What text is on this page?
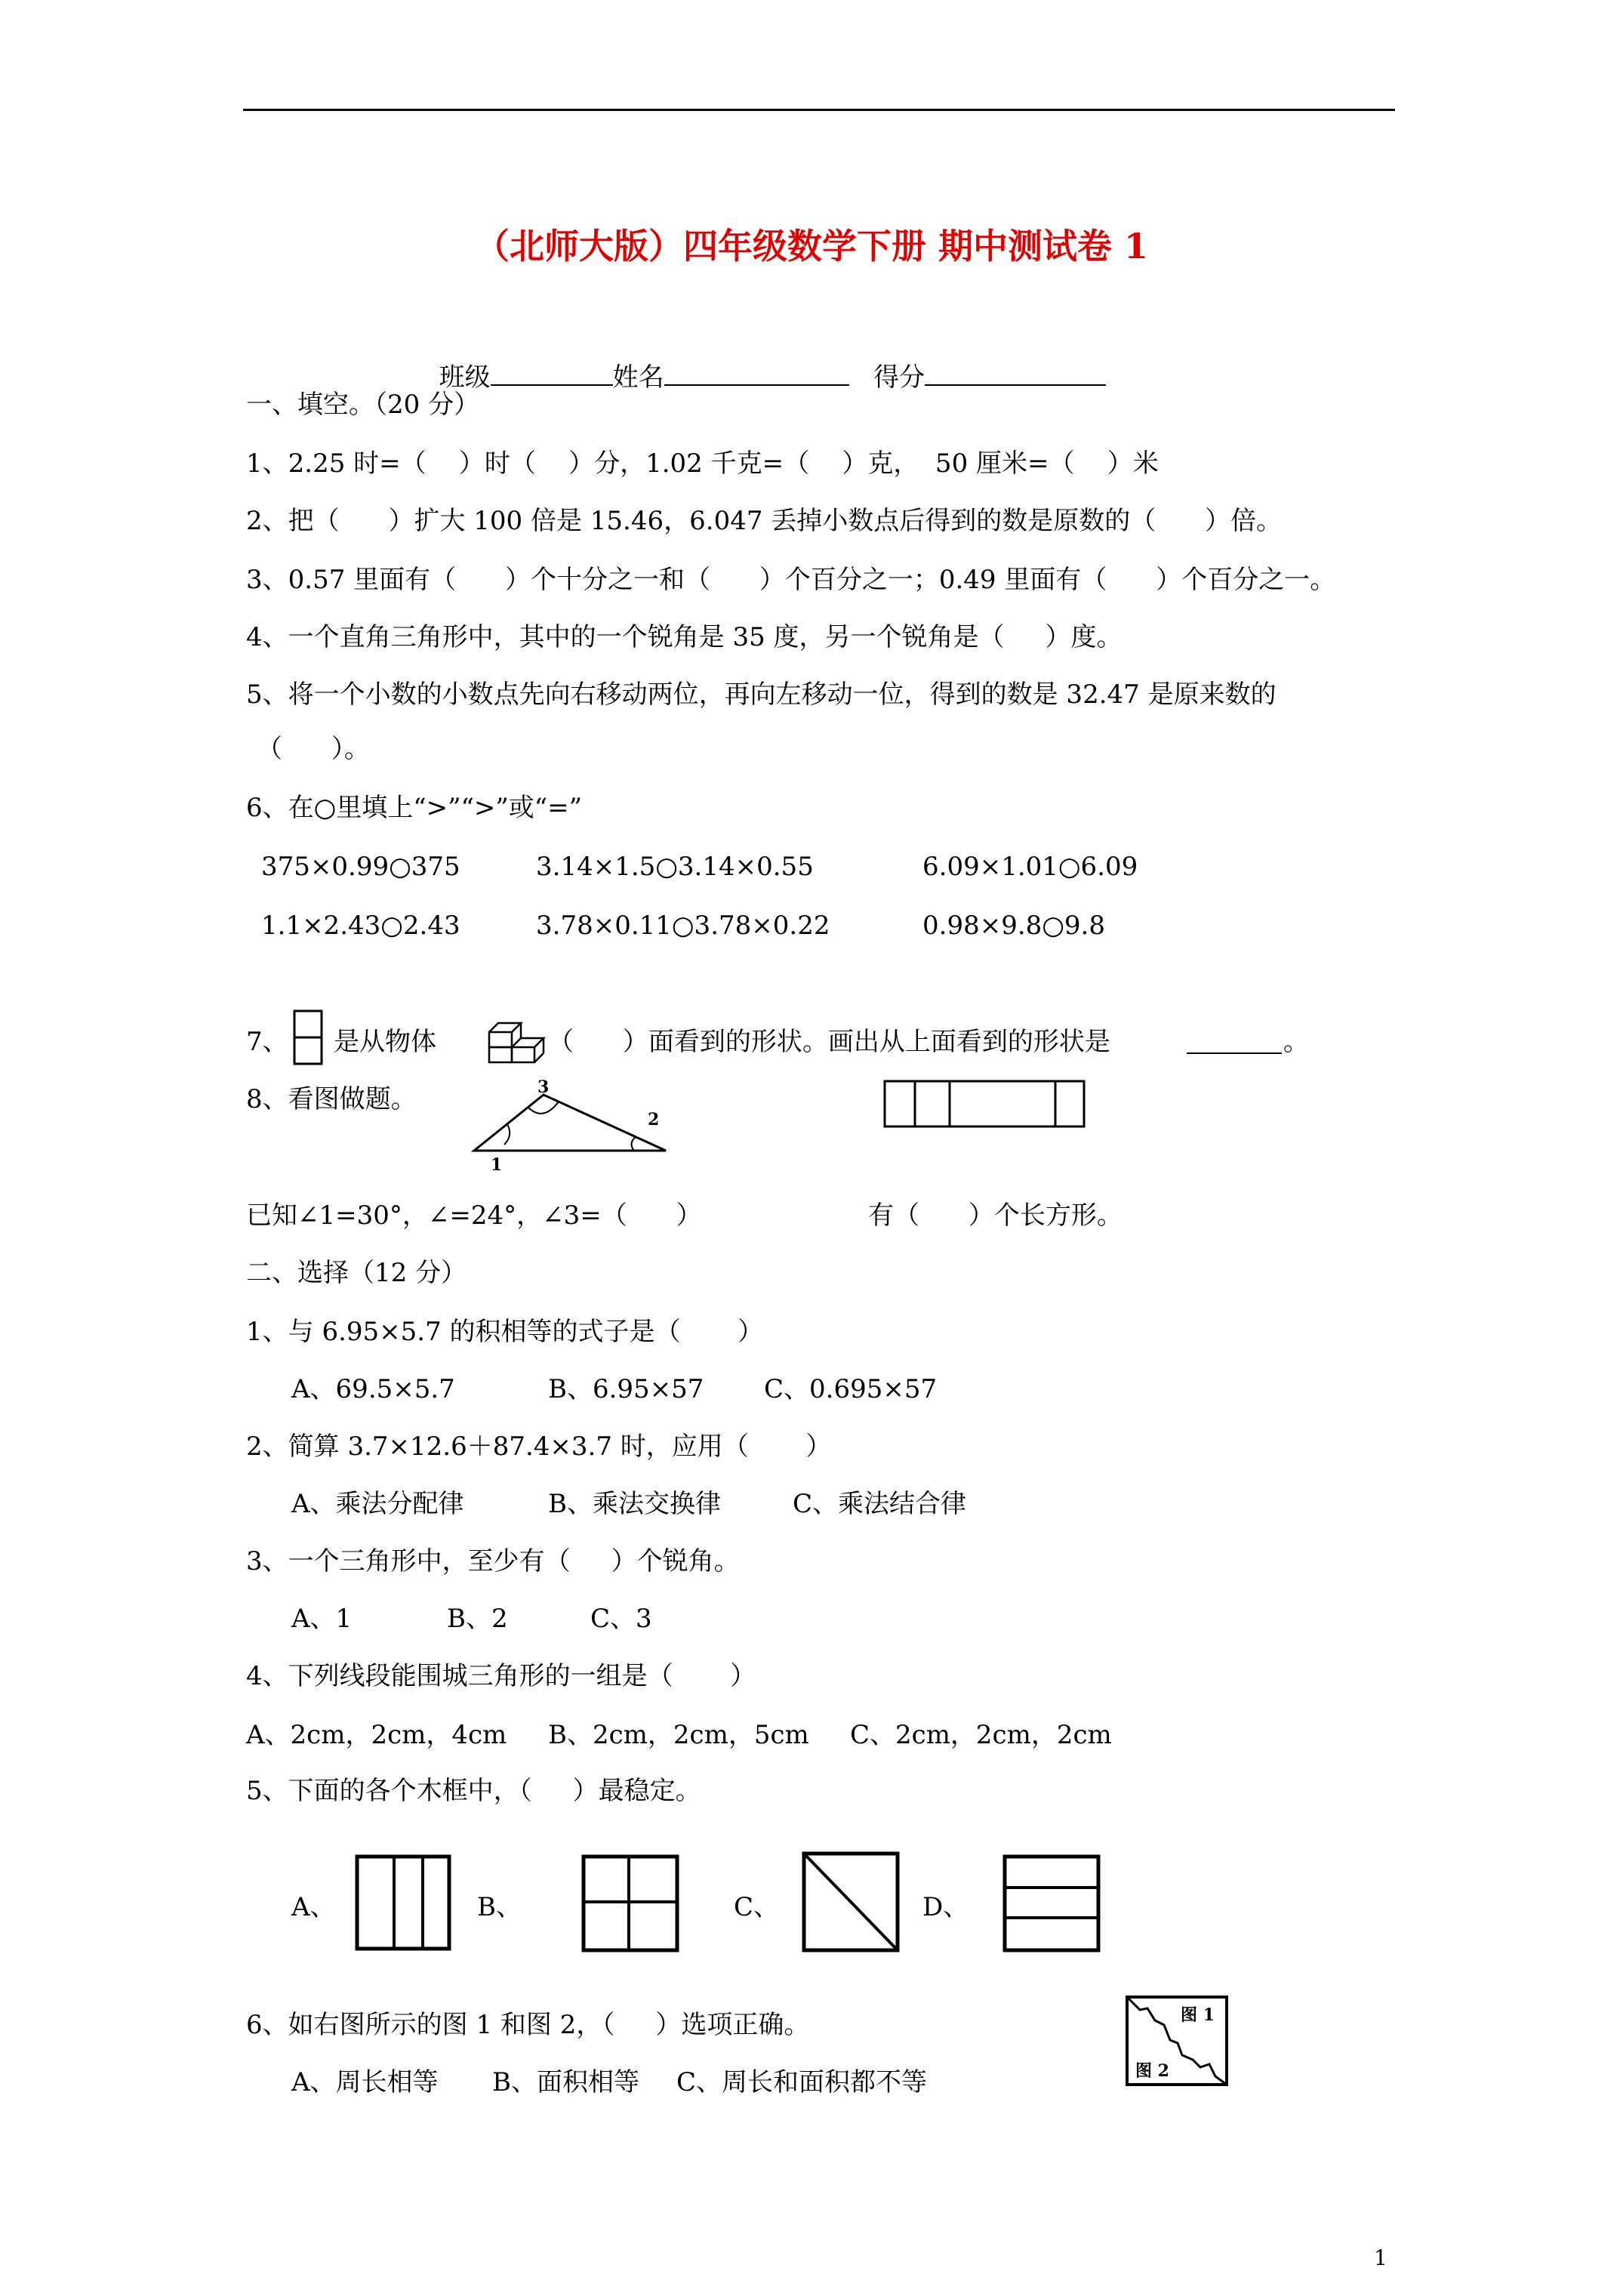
（北师大版）四年级数学下册 期中测试卷 1

班级	姓名	得分

一、填空。（20 分）
1、2.25 时=（    ）时（    ）分，1.02 千克=（    ）克，  50 厘米=（    ）米
2、把（      ）扩大 100 倍是 15.46，6.047 丢掉小数点后得到的数是原数的（      ）倍。
3、0.57 里面有（      ）个十分之一和（      ）个百分之一；0.49 里面有（      ）个百分之一。
4、一个直角三角形中，其中的一个锐角是 35 度，另一个锐角是（     ）度。
5、将一个小数的小数点先向右移动两位，再向左移动一位，得到的数是 32.47 是原来数的
（      ）。
6、在○里填上“>”“>”或“=”
375×0.99○375	3.14×1.5○3.14×0.55	6.09×1.01○6.09
1.1×2.43○2.43	3.78×0.11○3.78×0.22	0.98×9.8○9.8
7、 是从物体	（      ）面看到的形状。画出从上面看到的形状是	。
8、看图做题。	3
2
1
已知∠1=30°，∠=24°，∠3=（      ）	有（      ）个长方形。
二、选择（12 分）
1、与 6.95×5.7 的积相等的式子是（       ）
A、69.5×5.7	B、6.95×57 C、0.695×57
2、简算 3.7×12.6＋87.4×3.7 时，应用（       ）
A、乘法分配律	B、乘法交换律	C、乘法结合律
3、一个三角形中，至少有（     ）个锐角。
A、1	B、2	C、3
4、下列线段能围城三角形的一组是（       ）
A、2cm，2cm，4cm B、2cm，2cm，5cm C、2cm，2cm，2cm
5、下面的各个木框中，（     ）最稳定。
A、	B、	C、	D、
6、如右图所示的图 1 和图 2，（     ）选项正确。
A、周长相等 B、面积相等 C、周长和面积都不等
图 1
图 2
1
